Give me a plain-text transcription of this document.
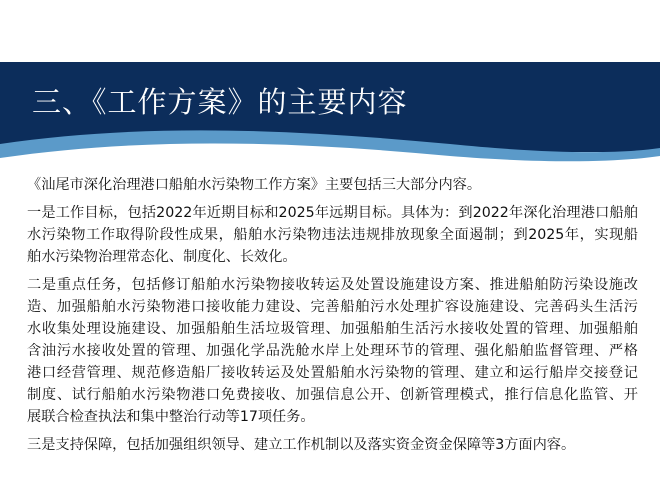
三、《工作方案》的主要内容
《汕尾市深化治理港口船舶水污染物工作方案》主要包括三大部分内容。
一是工作目标，包括2022年近期目标和2025年远期目标。具体为：到2022年深化治理港口船舶
水污染物工作取得阶段性成果，船舶水污染物违法违规排放现象全面遏制；到2025年，实现船
舶水污染物治理常态化、制度化、长效化。
二是重点任务，包括修订船舶水污染物接收转运及处置设施建设方案、推进船舶防污染设施改
造、加强船舶水污染物港口接收能力建设、完善船舶污水处理扩容设施建设、完善码头生活污
水收集处理设施建设、加强船舶生活垃圾管理、加强船舶生活污水接收处置的管理、加强船舶
含油污水接收处置的管理、加强化学品洗舱水岸上处理环节的管理、强化船舶监督管理、严格
港口经营管理、规范修造船厂接收转运及处置船舶水污染物的管理、建立和运行船岸交接登记
制度、试行船舶水污染物港口免费接收、加强信息公开、创新管理模式，推行信息化监管、开
展联合检查执法和集中整治行动等17项任务。
三是支持保障，包括加强组织领导、建立工作机制以及落实资金资金保障等3方面内容。
